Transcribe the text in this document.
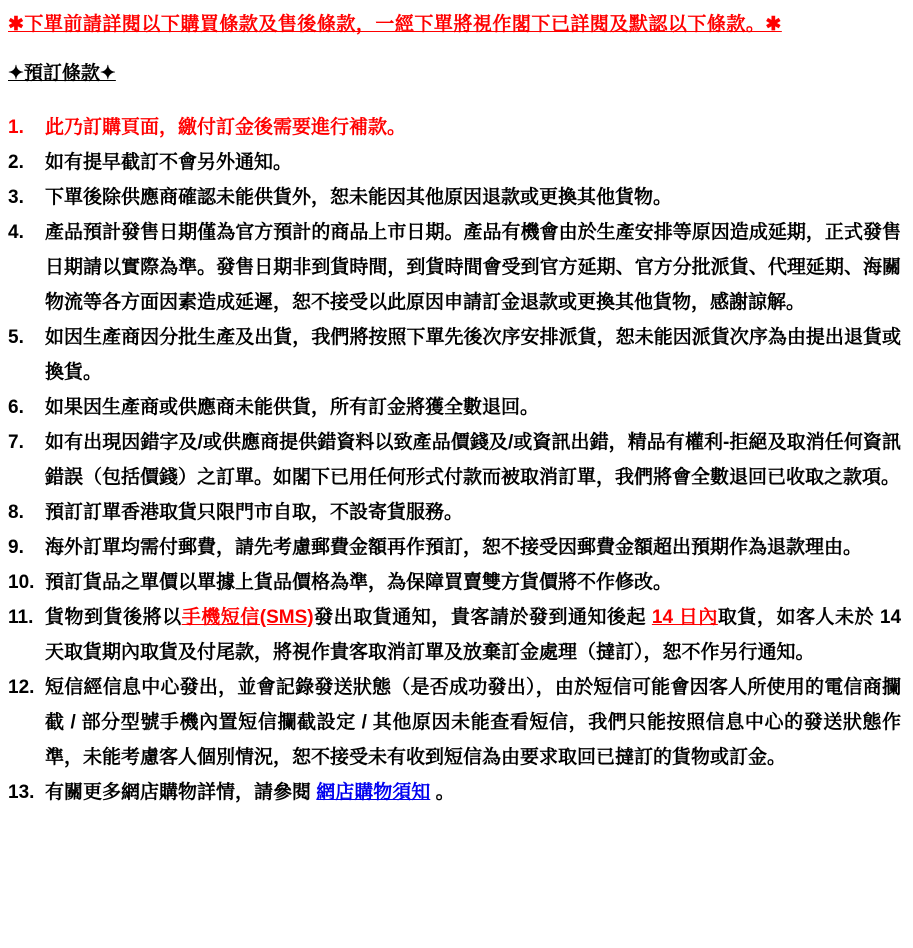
✱下單前請詳閱以下購買條款及售後條款，一經下單將視作閣下已詳閱及默認以下條款。✱
✦預訂條款✦
1.	此乃訂購頁面，繳付訂金後需要進行補款。
2.	如有提早截訂不會另外通知。
3.	下單後除供應商確認未能供貨外，恕未能因其他原因退款或更換其他貨物。
4.	產品預計發售日期僅為官方預計的商品上市日期。產品有機會由於生產安排等原因造成延期，正式發售日期請以實際為準。發售日期非到貨時間，到貨時間會受到官方延期、官方分批派貨、代理延期、海關物流等各方面因素造成延遲，恕不接受以此原因申請訂金退款或更換其他貨物，感謝諒解。
5.	如因生產商因分批生產及出貨，我們將按照下單先後次序安排派貨，恕未能因派貨次序為由提出退貨或換貨。
6.	如果因生產商或供應商未能供貨，所有訂金將獲全數退回。
7.	如有出現因錯字及/或供應商提供錯資料以致產品價錢及/或資訊出錯，精品有權利-拒絕及取消任何資訊錯誤（包括價錢）之訂單。如閣下已用任何形式付款而被取消訂單，我們將會全數退回已收取之款項。
8.	預訂訂單香港取貨只限門市自取，不設寄貨服務。
9.	海外訂單均需付郵費，請先考慮郵費金額再作預訂，恕不接受因郵費金額超出預期作為退款理由。
10. 預訂貨品之單價以單據上貨品價格為準，為保障買賣雙方貨價將不作修改。
11. 貨物到貨後將以手機短信(SMS)發出取貨通知，貴客請於發到通知後起 14 日內取貨，如客人未於 14 天取貨期內取貨及付尾款，將視作貴客取消訂單及放棄訂金處理（撻訂），恕不作另行通知。
12. 短信經信息中心發出，並會記錄發送狀態（是否成功發出），由於短信可能會因客人所使用的電信商攔截 / 部分型號手機內置短信攔截設定 / 其他原因未能查看短信，我們只能按照信息中心的發送狀態作準，未能考慮客人個別情況，恕不接受未有收到短信為由要求取回已撻訂的貨物或訂金。
13. 有關更多網店購物詳情，請參閱 網店購物須知 。
